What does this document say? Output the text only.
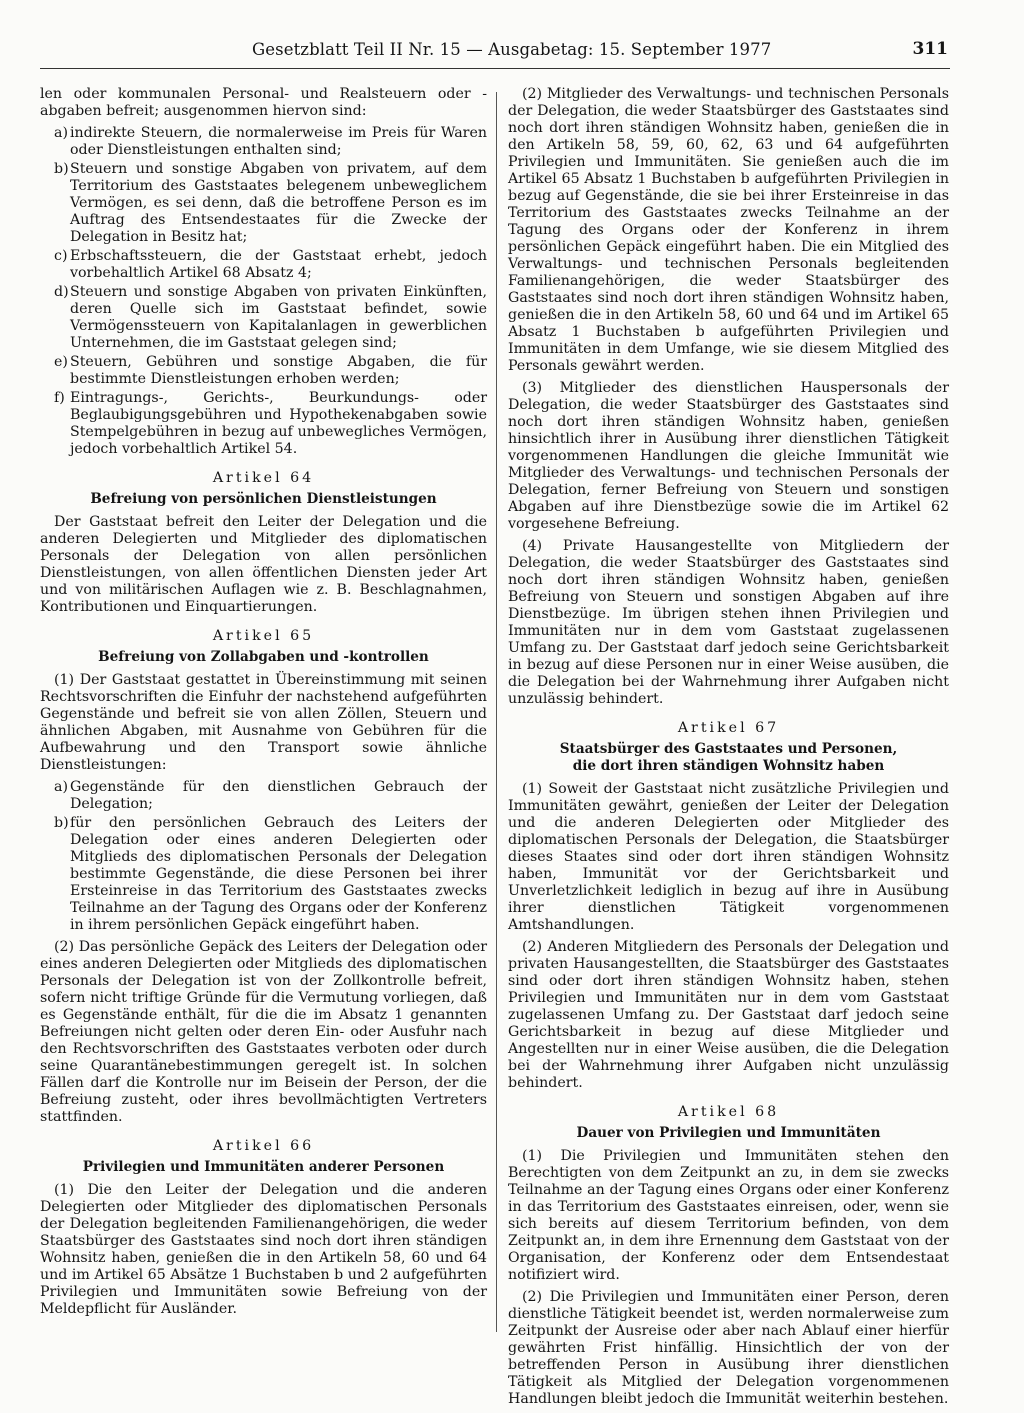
Gesetzblatt Teil II Nr. 15 — Ausgabetag: 15. September 1977	311

len oder kommunalen Personal- und Realsteuern oder -abgaben befreit; ausgenommen hiervon sind:

a) indirekte Steuern, die normalerweise im Preis für Waren oder Dienstleistungen enthalten sind;
b) Steuern und sonstige Abgaben von privatem, auf dem Territorium des Gaststaates belegenem unbeweglichem Vermögen, es sei denn, daß die betroffene Person es im Auftrag des Entsendestaates für die Zwecke der Delegation in Besitz hat;
c) Erbschaftssteuern, die der Gaststaat erhebt, jedoch vorbehaltlich Artikel 68 Absatz 4;
d) Steuern und sonstige Abgaben von privaten Einkünften, deren Quelle sich im Gaststaat befindet, sowie Vermögenssteuern von Kapitalanlagen in gewerblichen Unternehmen, die im Gaststaat gelegen sind;
e) Steuern, Gebühren und sonstige Abgaben, die für bestimmte Dienstleistungen erhoben werden;
f) Eintragungs-, Gerichts-, Beurkundungs- oder Beglaubigungsgebühren und Hypothekenabgaben sowie Stempelgebühren in bezug auf unbewegliches Vermögen, jedoch vorbehaltlich Artikel 54.
Artikel 64
Befreiung von persönlichen Dienstleistungen

Der Gaststaat befreit den Leiter der Delegation und die anderen Delegierten und Mitglieder des diplomatischen Personals der Delegation von allen persönlichen Dienstleistungen, von allen öffentlichen Diensten jeder Art und von militärischen Auflagen wie z. B. Beschlagnahmen, Kontributionen und Einquartierungen.

Artikel 65
Befreiung von Zollabgaben und -kontrollen

(1) Der Gaststaat gestattet in Übereinstimmung mit seinen Rechtsvorschriften die Einfuhr der nachstehend aufgeführten Gegenstände und befreit sie von allen Zöllen, Steuern und ähnlichen Abgaben, mit Ausnahme von Gebühren für die Aufbewahrung und den Transport sowie ähnliche Dienstleistungen:

a) Gegenstände für den dienstlichen Gebrauch der Delegation;
b) für den persönlichen Gebrauch des Leiters der Delegation oder eines anderen Delegierten oder Mitglieds des diplomatischen Personals der Delegation bestimmte Gegenstände, die diese Personen bei ihrer Ersteinreise in das Territorium des Gaststaates zwecks Teilnahme an der Tagung des Organs oder der Konferenz in ihrem persönlichen Gepäck eingeführt haben.

(2) Das persönliche Gepäck des Leiters der Delegation oder eines anderen Delegierten oder Mitglieds des diplomatischen Personals der Delegation ist von der Zollkontrolle befreit, sofern nicht triftige Gründe für die Vermutung vorliegen, daß es Gegenstände enthält, für die die im Absatz 1 genannten Befreiungen nicht gelten oder deren Ein- oder Ausfuhr nach den Rechtsvorschriften des Gaststaates verboten oder durch seine Quarantänebestimmungen geregelt ist. In solchen Fällen darf die Kontrolle nur im Beisein der Person, der die Befreiung zusteht, oder ihres bevollmächtigten Vertreters stattfinden.

Artikel 66
Privilegien und Immunitäten anderer Personen

(1) Die den Leiter der Delegation und die anderen Delegierten oder Mitglieder des diplomatischen Personals der Delegation begleitenden Familienangehörigen, die weder Staatsbürger des Gaststaates sind noch dort ihren ständigen Wohnsitz haben, genießen die in den Artikeln 58, 60 und 64 und im Artikel 65 Absätze 1 Buchstaben b und 2 aufgeführten Privilegien und Immunitäten sowie Befreiung von der Meldepflicht für Ausländer.

(2) Mitglieder des Verwaltungs- und technischen Personals der Delegation, die weder Staatsbürger des Gaststaates sind noch dort ihren ständigen Wohnsitz haben, genießen die in den Artikeln 58, 59, 60, 62, 63 und 64 aufgeführten Privilegien und Immunitäten. Sie genießen auch die im Artikel 65 Absatz 1 Buchstaben b aufgeführten Privilegien in bezug auf Gegenstände, die sie bei ihrer Ersteinreise in das Territorium des Gaststaates zwecks Teilnahme an der Tagung des Organs oder der Konferenz in ihrem persönlichen Gepäck eingeführt haben. Die ein Mitglied des Verwaltungs- und technischen Personals begleitenden Familienangehörigen, die weder Staatsbürger des Gaststaates sind noch dort ihren ständigen Wohnsitz haben, genießen die in den Artikeln 58, 60 und 64 und im Artikel 65 Absatz 1 Buchstaben b aufgeführten Privilegien und Immunitäten in dem Umfange, wie sie diesem Mitglied des Personals gewährt werden.

(3) Mitglieder des dienstlichen Hauspersonals der Delegation, die weder Staatsbürger des Gaststaates sind noch dort ihren ständigen Wohnsitz haben, genießen hinsichtlich ihrer in Ausübung ihrer dienstlichen Tätigkeit vorgenommenen Handlungen die gleiche Immunität wie Mitglieder des Verwaltungs- und technischen Personals der Delegation, ferner Befreiung von Steuern und sonstigen Abgaben auf ihre Dienstbezüge sowie die im Artikel 62 vorgesehene Befreiung.

(4) Private Hausangestellte von Mitgliedern der Delegation, die weder Staatsbürger des Gaststaates sind noch dort ihren ständigen Wohnsitz haben, genießen Befreiung von Steuern und sonstigen Abgaben auf ihre Dienstbezüge. Im übrigen stehen ihnen Privilegien und Immunitäten nur in dem vom Gaststaat zugelassenen Umfang zu. Der Gaststaat darf jedoch seine Gerichtsbarkeit in bezug auf diese Personen nur in einer Weise ausüben, die die Delegation bei der Wahrnehmung ihrer Aufgaben nicht unzulässig behindert.

Artikel 67
Staatsbürger des Gaststaates und Personen,
die dort ihren ständigen Wohnsitz haben

(1) Soweit der Gaststaat nicht zusätzliche Privilegien und Immunitäten gewährt, genießen der Leiter der Delegation und die anderen Delegierten oder Mitglieder des diplomatischen Personals der Delegation, die Staatsbürger dieses Staates sind oder dort ihren ständigen Wohnsitz haben, Immunität vor der Gerichtsbarkeit und Unverletzlichkeit lediglich in bezug auf ihre in Ausübung ihrer dienstlichen Tätigkeit vorgenommenen Amtshandlungen.

(2) Anderen Mitgliedern des Personals der Delegation und privaten Hausangestellten, die Staatsbürger des Gaststaates sind oder dort ihren ständigen Wohnsitz haben, stehen Privilegien und Immunitäten nur in dem vom Gaststaat zugelassenen Umfang zu. Der Gaststaat darf jedoch seine Gerichtsbarkeit in bezug auf diese Mitglieder und Angestellten nur in einer Weise ausüben, die die Delegation bei der Wahrnehmung ihrer Aufgaben nicht unzulässig behindert.

Artikel 68
Dauer von Privilegien und Immunitäten

(1) Die Privilegien und Immunitäten stehen den Berechtigten von dem Zeitpunkt an zu, in dem sie zwecks Teilnahme an der Tagung eines Organs oder einer Konferenz in das Territorium des Gaststaates einreisen, oder, wenn sie sich bereits auf diesem Territorium befinden, von dem Zeitpunkt an, in dem ihre Ernennung dem Gaststaat von der Organisation, der Konferenz oder dem Entsendestaat notifiziert wird.

(2) Die Privilegien und Immunitäten einer Person, deren dienstliche Tätigkeit beendet ist, werden normalerweise zum Zeitpunkt der Ausreise oder aber nach Ablauf einer hierfür gewährten Frist hinfällig. Hinsichtlich der von der betreffenden Person in Ausübung ihrer dienstlichen Tätigkeit als Mitglied der Delegation vorgenommenen Handlungen bleibt jedoch die Immunität weiterhin bestehen.
